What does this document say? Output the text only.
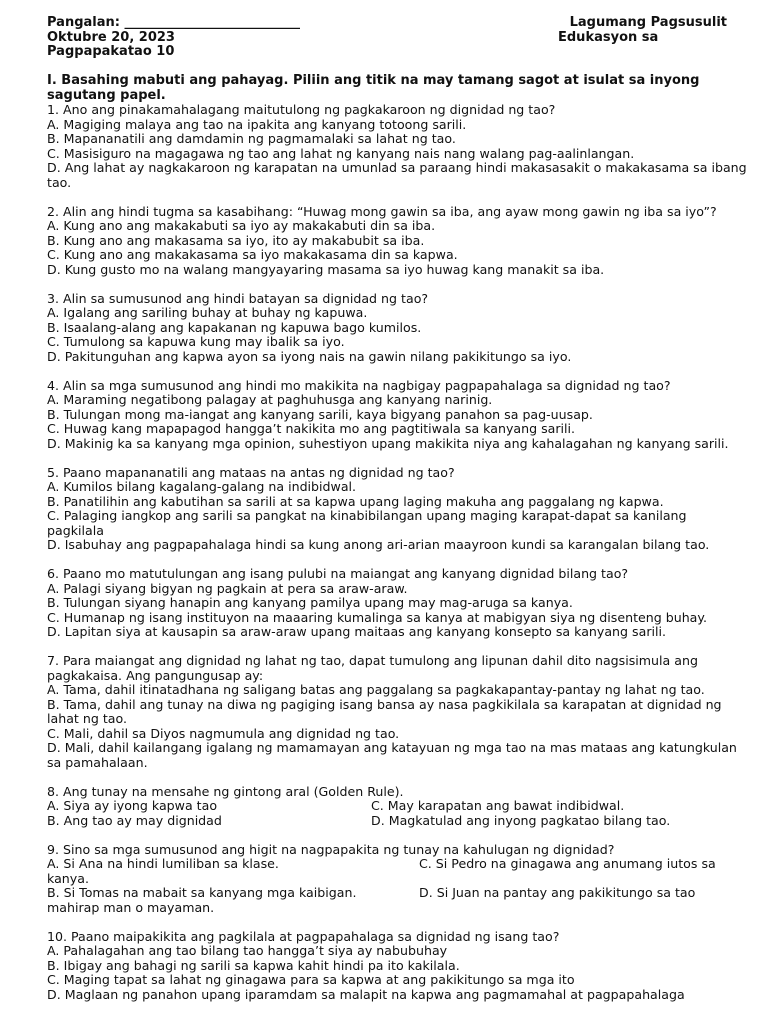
Pangalan: ___________________________
Oktubre 20, 2023
Pagpapakatao 10
Lagumang Pagsusulit
Edukasyon sa
I. Basahing mabuti ang pahayag. Piliin ang titik na may tamang sagot at isulat sa inyong sagutang papel.
1. Ano ang pinakamahalagang maitutulong ng pagkakaroon ng dignidad ng tao?
A. Magiging malaya ang tao na ipakita ang kanyang totoong sarili.
B. Mapananatili ang damdamin ng pagmamalaki sa lahat ng tao.
C. Masisiguro na magagawa ng tao ang lahat ng kanyang nais nang walang pag-aalinlangan.
D. Ang lahat ay nagkakaroon ng karapatan na umunlad sa paraang hindi makasasakit o makakasama sa ibang tao.
2. Alin ang hindi tugma sa kasabihang: “Huwag mong gawin sa iba, ang ayaw mong gawin ng iba sa iyo”?
A. Kung ano ang makakabuti sa iyo ay makakabuti din sa iba.
B. Kung ano ang makasama sa iyo, ito ay makabubit sa iba.
C. Kung ano ang makakasama sa iyo makakasama din sa kapwa.
D. Kung gusto mo na walang mangyayaring masama sa iyo huwag kang manakit sa iba.
3. Alin sa sumusunod ang hindi batayan sa dignidad ng tao?
A. Igalang ang sariling buhay at buhay ng kapuwa.
B. Isaalang-alang ang kapakanan ng kapuwa bago kumilos.
C. Tumulong sa kapuwa kung may ibalik sa iyo.
D. Pakitunguhan ang kapwa ayon sa iyong nais na gawin nilang pakikitungo sa iyo.
4. Alin sa mga sumusunod ang hindi mo makikita na nagbigay pagpapahalaga sa dignidad ng tao?
A. Maraming negatibong palagay at paghuhusga ang kanyang narinig.
B. Tulungan mong ma-iangat ang kanyang sarili, kaya bigyang panahon sa pag-uusap.
C. Huwag kang mapapagod hangga’t nakikita mo ang pagtitiwala sa kanyang sarili.
D. Makinig ka sa kanyang mga opinion, suhestiyon upang makikita niya ang kahalagahan ng kanyang sarili.
5. Paano mapananatili ang mataas na antas ng dignidad ng tao?
A. Kumilos bilang kagalang-galang na indibidwal.
B. Panatilihin ang kabutihan sa sarili at sa kapwa upang laging makuha ang paggalang ng kapwa.
C. Palaging iangkop ang sarili sa pangkat na kinabibilangan upang maging karapat-dapat sa kanilang pagkilala
D. Isabuhay ang pagpapahalaga hindi sa kung anong ari-arian maayroon kundi sa karangalan bilang tao.
6. Paano mo matutulungan ang isang pulubi na maiangat ang kanyang dignidad bilang tao?
A. Palagi siyang bigyan ng pagkain at pera sa araw-araw.
B. Tulungan siyang hanapin ang kanyang pamilya upang may mag-aruga sa kanya.
C. Humanap ng isang instituyon na maaaring kumalinga sa kanya at mabigyan siya ng disenteng buhay.
D. Lapitan siya at kausapin sa araw-araw upang maitaas ang kanyang konsepto sa kanyang sarili.
7. Para maiangat ang dignidad ng lahat ng tao, dapat tumulong ang lipunan dahil dito nagsisimula ang pagkakaisa. Ang pangungusap ay:
A. Tama, dahil itinatadhana ng saligang batas ang paggalang sa pagkakapantay-pantay ng lahat ng tao.
B. Tama, dahil ang tunay na diwa ng pagiging isang bansa ay nasa pagkikilala sa karapatan at dignidad ng lahat ng tao.
C. Mali, dahil sa Diyos nagmumula ang dignidad ng tao.
D. Mali, dahil kailangang igalang ng mamamayan ang katayuan ng mga tao na mas mataas ang katungkulan sa pamahalaan.
8. Ang tunay na mensahe ng gintong aral (Golden Rule).
A. Siya ay iyong kapwa tao	C. May karapatan ang bawat indibidwal.
B. Ang tao ay may dignidad	D. Magkatulad ang inyong pagkatao bilang tao.
9. Sino sa mga sumusunod ang higit na nagpapakita ng tunay na kahulugan ng dignidad?
A. Si Ana na hindi lumiliban sa klase.	C. Si Pedro na ginagawa ang anumang iutos sa
kanya.
B. Si Tomas na mabait sa kanyang mga kaibigan.	D. Si Juan na pantay ang pakikitungo sa tao
mahirap man o mayaman.
10. Paano maipakikita ang pagkilala at pagpapahalaga sa dignidad ng isang tao?
A. Pahalagahan ang tao bilang tao hangga’t siya ay nabubuhay
B. Ibigay ang bahagi ng sarili sa kapwa kahit hindi pa ito kakilala.
C. Maging tapat sa lahat ng ginagawa para sa kapwa at ang pakikitungo sa mga ito
D. Maglaan ng panahon upang iparamdam sa malapit na kapwa ang pagmamahal at pagpapahalaga
